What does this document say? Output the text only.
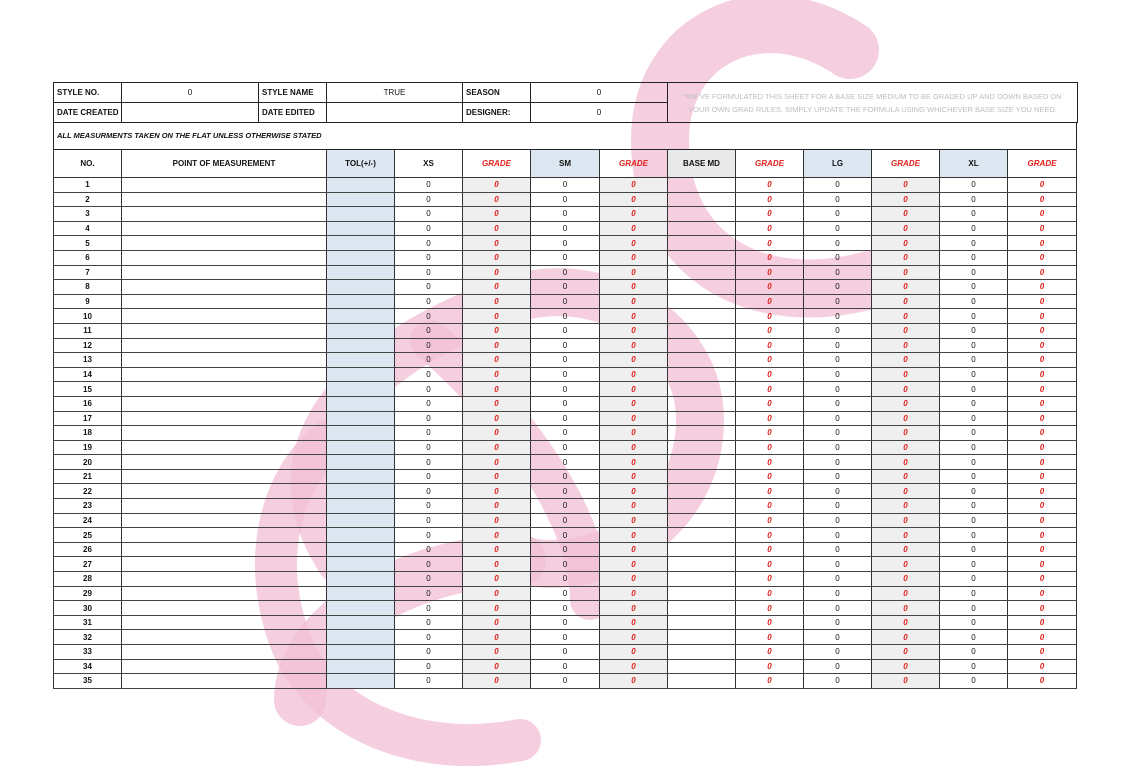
STYLE NO.	0	STYLE NAME	TRUE	SEASON	0	*WE'VE FORMULATED THIS SHEET FOR A BASE SIZE MEDIUM TO BE GRADED UP AND DOWN BASED ON YOUR OWN GRAD RULES. SIMPLY UPDATE THE FORMULA USING WHICHEVER BASE SIZE YOU NEED.
DATE CREATED		DATE EDITED		DESIGNER:	0	
ALL MEASURMENTS TAKEN ON THE FLAT UNLESS OTHERWISE STATED
NO.	POINT OF MEASUREMENT	TOL(+/-)	XS	GRADE	SM	GRADE	BASE MD	GRADE	LG	GRADE	XL	GRADE
1			0	0	0	0		0	0	0	0	0
2			0	0	0	0		0	0	0	0	0
3			0	0	0	0		0	0	0	0	0
4			0	0	0	0		0	0	0	0	0
5			0	0	0	0		0	0	0	0	0
6			0	0	0	0		0	0	0	0	0
7			0	0	0	0		0	0	0	0	0
8			0	0	0	0		0	0	0	0	0
9			0	0	0	0		0	0	0	0	0
10			0	0	0	0		0	0	0	0	0
11			0	0	0	0		0	0	0	0	0
12			0	0	0	0		0	0	0	0	0
13			0	0	0	0		0	0	0	0	0
14			0	0	0	0		0	0	0	0	0
15			0	0	0	0		0	0	0	0	0
16			0	0	0	0		0	0	0	0	0
17			0	0	0	0		0	0	0	0	0
18			0	0	0	0		0	0	0	0	0
19			0	0	0	0		0	0	0	0	0
20			0	0	0	0		0	0	0	0	0
21			0	0	0	0		0	0	0	0	0
22			0	0	0	0		0	0	0	0	0
23			0	0	0	0		0	0	0	0	0
24			0	0	0	0		0	0	0	0	0
25			0	0	0	0		0	0	0	0	0
26			0	0	0	0		0	0	0	0	0
27			0	0	0	0		0	0	0	0	0
28			0	0	0	0		0	0	0	0	0
29			0	0	0	0		0	0	0	0	0
30			0	0	0	0		0	0	0	0	0
31			0	0	0	0		0	0	0	0	0
32			0	0	0	0		0	0	0	0	0
33			0	0	0	0		0	0	0	0	0
34			0	0	0	0		0	0	0	0	0
35			0	0	0	0		0	0	0	0	0
